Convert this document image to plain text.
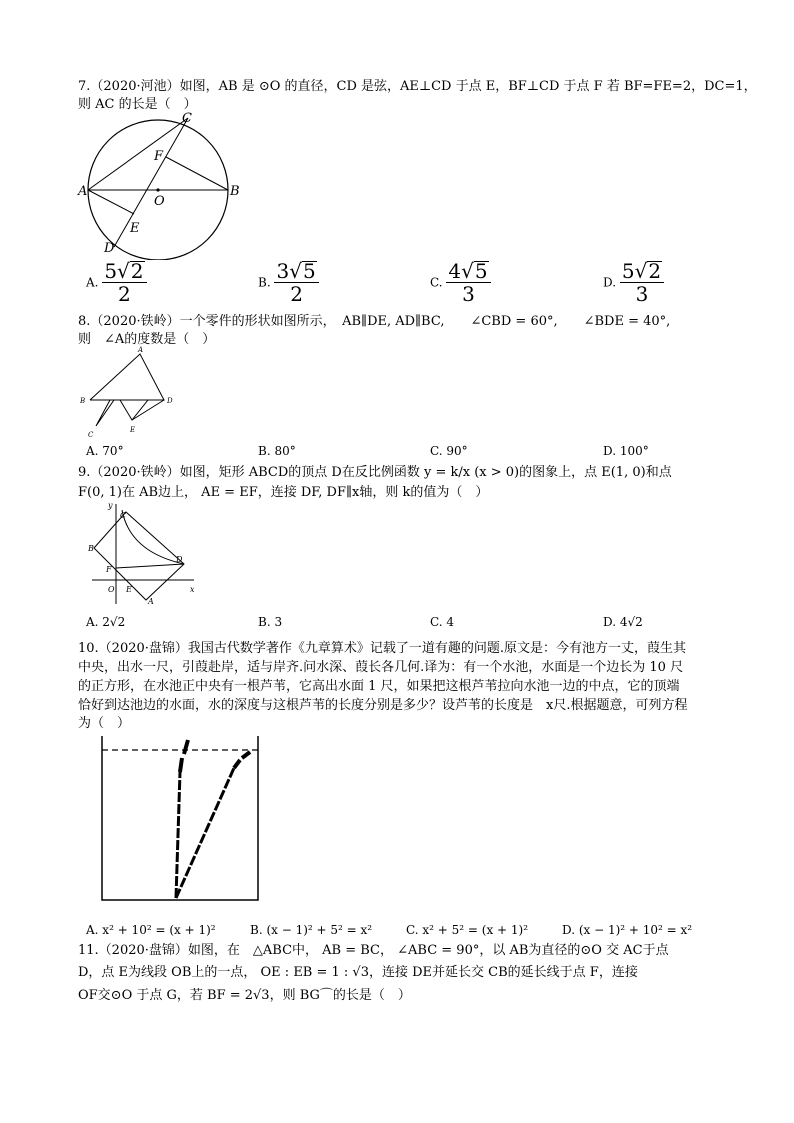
7.（2020·河池）如图，AB 是 ⊙O 的直径，CD 是弦，AE⊥CD 于点 E，BF⊥CD 于点 F 若 BF=FE=2，DC=1，
则 AC 的长是（　）
C
F
A
O
B
E
D
A. $\frac{5√2}{2}$	B. $\frac{3√5}{2}$	C. $\frac{4√5}{3}$	D. $\frac{5√2}{3}$
8.（2020·铁岭）一个零件的形状如图所示，　AB∥DE, AD∥BC,　　∠CBD = 60°,　　∠BDE = 40°,
则　∠A的度数是（　）
A
B	D
E
C
A. 70°	B. 80°	C. 90°	D. 100°
9.（2020·铁岭）如图，矩形 ABCD的顶点 D在反比例函数 y = k/x (x > 0)的图象上，点 E(1, 0)和点
F(0, 1)在 AB边上， AE = EF，连接 DF, DF∥x轴，则 k的值为（　）
y
C
B
D
F
O E
A
x
A. 2√2	B. 3	C. 4	D. 4√2
10.（2020·盘锦）我国古代数学著作《九章算术》记载了一道有趣的问题.原文是：今有池方一丈，葭生其
中央，出水一尺，引葭赴岸，适与岸齐.问水深、葭长各几何.译为：有一个水池，水面是一个边长为 10 尺
的正方形，在水池正中央有一根芦苇，它高出水面 1 尺，如果把这根芦苇拉向水池一边的中点，它的顶端
恰好到达池边的水面，水的深度与这根芦苇的长度分别是多少？设芦苇的长度是　x尺.根据题意，可列方程
为（　）
A. x² + 10² = (x + 1)²	B. (x − 1)² + 5² = x²	C. x² + 5² = (x + 1)²	D. (x − 1)² + 10² = x²
11.（2020·盘锦）如图，在　△ABC中， AB = BC， ∠ABC = 90°，以 AB为直径的⊙O 交 AC于点
D，点 E为线段 OB上的一点， OE : EB = 1 : √3，连接 DE并延长交 CB的延长线于点 F，连接
OF交⊙O 于点 G，若 BF = 2√3，则 BG⌒的长是（　）
